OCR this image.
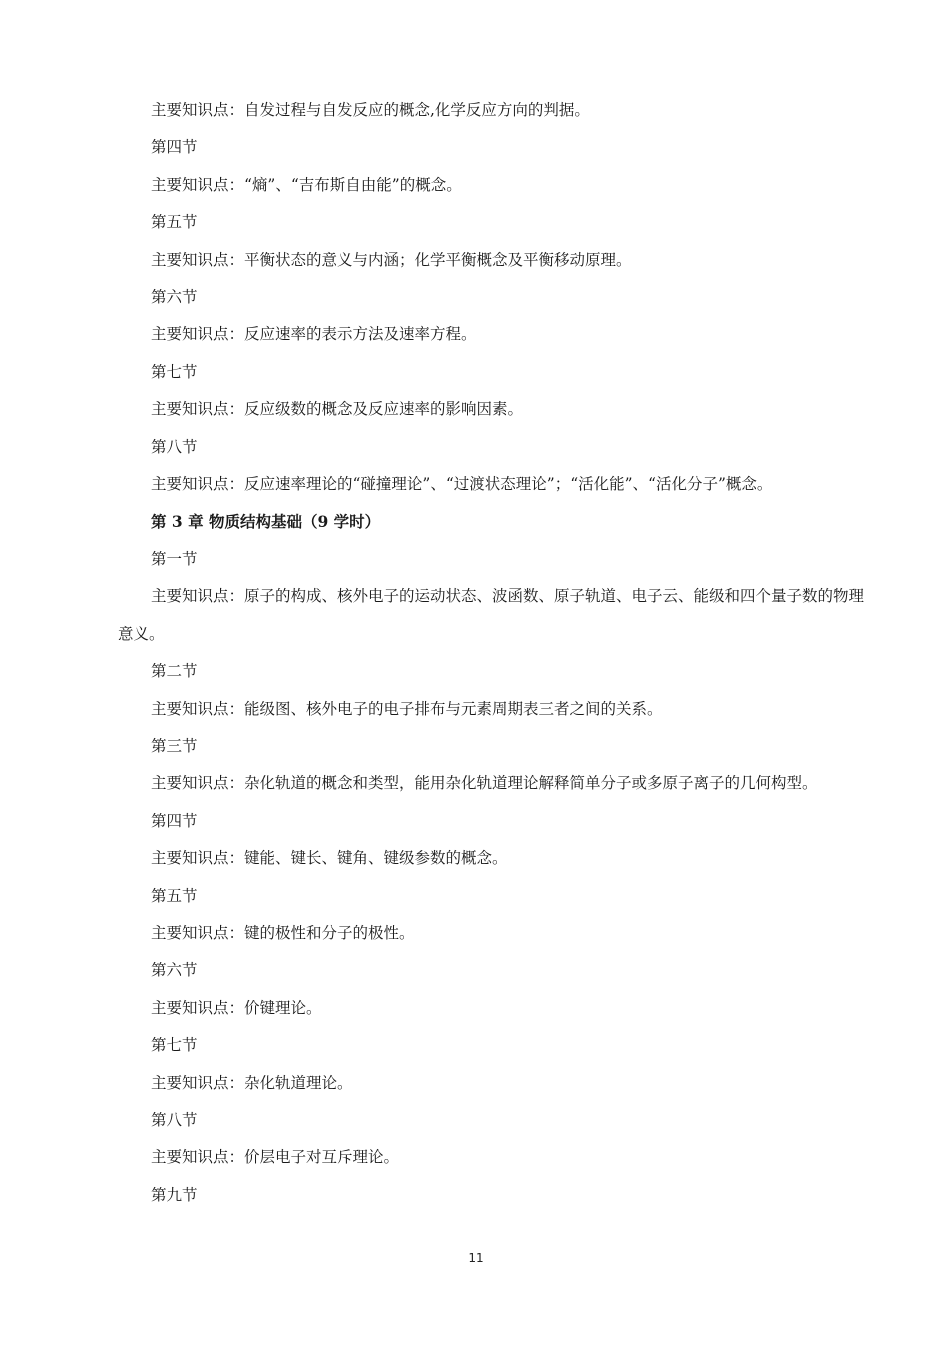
主要知识点：自发过程与自发反应的概念,化学反应方向的判据。
第四节
主要知识点：“熵”、“吉布斯自由能”的概念。
第五节
主要知识点：平衡状态的意义与内涵；化学平衡概念及平衡移动原理。
第六节
主要知识点：反应速率的表示方法及速率方程。
第七节
主要知识点：反应级数的概念及反应速率的影响因素。
第八节
主要知识点：反应速率理论的“碰撞理论”、“过渡状态理论”；“活化能”、“活化分子”概念。
第 3 章 物质结构基础（9 学时）
第一节
主要知识点：原子的构成、核外电子的运动状态、波函数、原子轨道、电子云、能级和四个量子数的物理意义。
第二节
主要知识点：能级图、核外电子的电子排布与元素周期表三者之间的关系。
第三节
主要知识点：杂化轨道的概念和类型，能用杂化轨道理论解释简单分子或多原子离子的几何构型。
第四节
主要知识点：键能、键长、键角、键级参数的概念。
第五节
主要知识点：键的极性和分子的极性。
第六节
主要知识点：价键理论。
第七节
主要知识点：杂化轨道理论。
第八节
主要知识点：价层电子对互斥理论。
第九节
11
